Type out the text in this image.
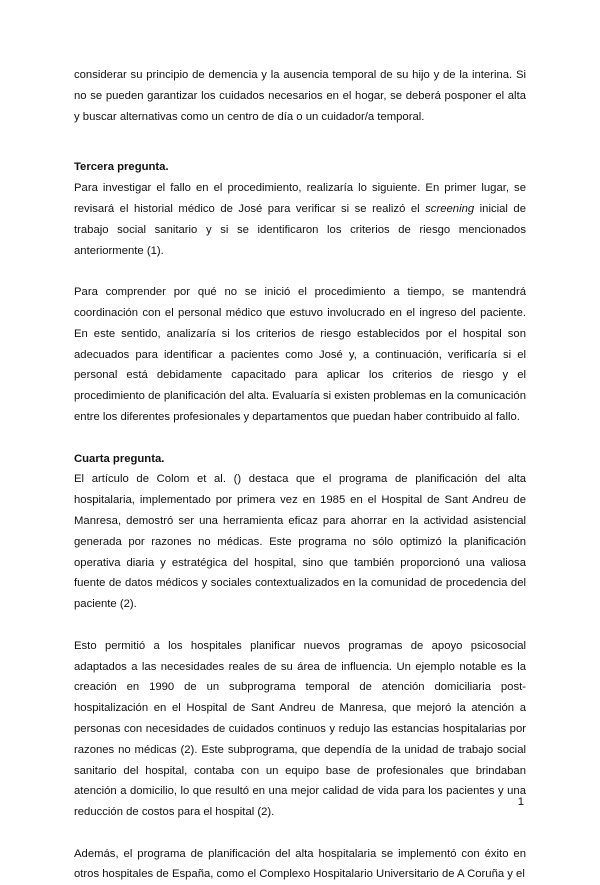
considerar su principio de demencia y la ausencia temporal de su hijo y de la interina. Si no se pueden garantizar los cuidados necesarios en el hogar, se deberá posponer el alta y buscar alternativas como un centro de día o un cuidador/a temporal.

Tercera pregunta.

Para investigar el fallo en el procedimiento, realizaría lo siguiente. En primer lugar, se revisará el historial médico de José para verificar si se realizó el screening inicial de trabajo social sanitario y si se identificaron los criterios de riesgo mencionados anteriormente (1).

Para comprender por qué no se inició el procedimiento a tiempo, se mantendrá coordinación con el personal médico que estuvo involucrado en el ingreso del paciente. En este sentido, analizaría si los criterios de riesgo establecidos por el hospital son adecuados para identificar a pacientes como José y, a continuación, verificaría si el personal está debidamente capacitado para aplicar los criterios de riesgo y el procedimiento de planificación del alta. Evaluaría si existen problemas en la comunicación entre los diferentes profesionales y departamentos que puedan haber contribuido al fallo.

Cuarta pregunta.

El artículo de Colom et al. () destaca que el programa de planificación del alta hospitalaria, implementado por primera vez en 1985 en el Hospital de Sant Andreu de Manresa, demostró ser una herramienta eficaz para ahorrar en la actividad asistencial generada por razones no médicas. Este programa no sólo optimizó la planificación operativa diaria y estratégica del hospital, sino que también proporcionó una valiosa fuente de datos médicos y sociales contextualizados en la comunidad de procedencia del paciente (2).

Esto permitió a los hospitales planificar nuevos programas de apoyo psicosocial adaptados a las necesidades reales de su área de influencia. Un ejemplo notable es la creación en 1990 de un subprograma temporal de atención domiciliaria post-hospitalización en el Hospital de Sant Andreu de Manresa, que mejoró la atención a personas con necesidades de cuidados continuos y redujo las estancias hospitalarias por razones no médicas (2). Este subprograma, que dependía de la unidad de trabajo social sanitario del hospital, contaba con un equipo base de profesionales que brindaban atención a domicilio, lo que resultó en una mejor calidad de vida para los pacientes y una reducción de costos para el hospital (2).

Además, el programa de planificación del alta hospitalaria se implementó con éxito en otros hospitales de España, como el Complexo Hospitalario Universitario de A Coruña y el

1
